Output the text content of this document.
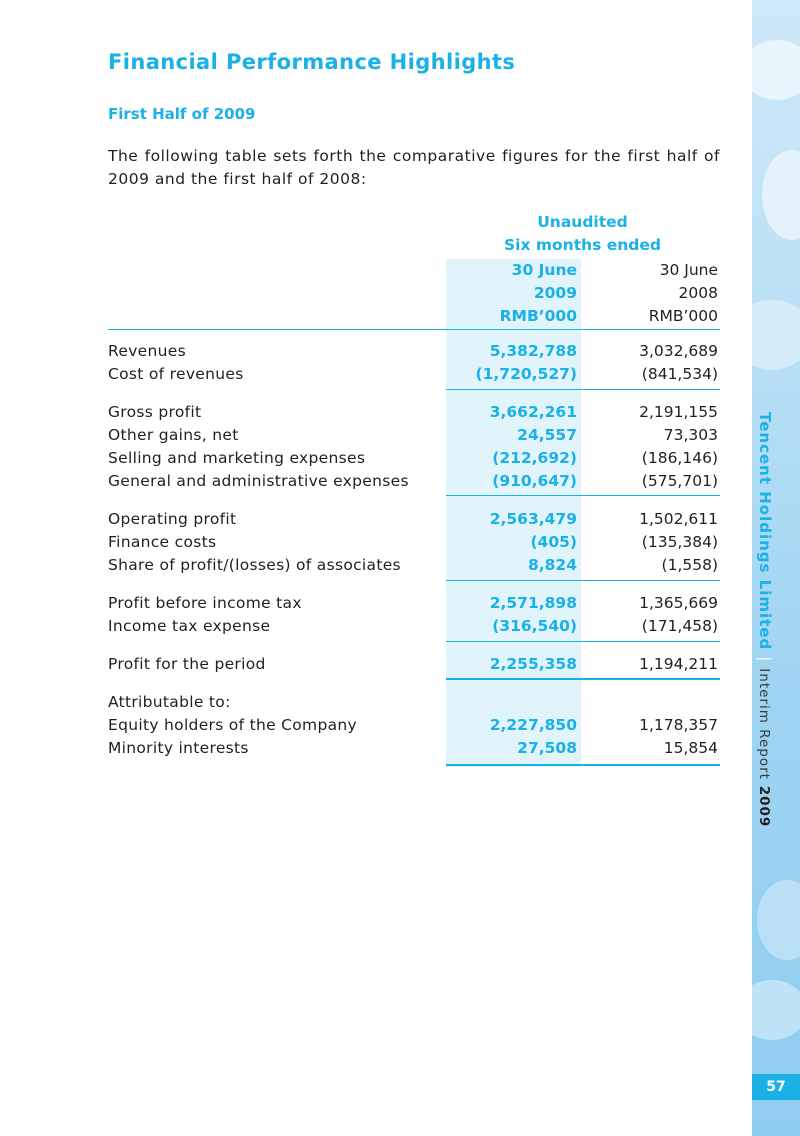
Tencent Holdings Limited|Interim Report 2009
57
Financial Performance Highlights
First Half of 2009

The following table sets forth the comparative figures for the first half of 2009 and the first half of 2008:

Unaudited
Six months ended
30 June
2009
RMB’000
30 June
2008
RMB’000
Revenues	5,382,788	3,032,689
Cost of revenues	(1,720,527)	(841,534)
Gross profit	3,662,261	2,191,155
Other gains, net	24,557	73,303
Selling and marketing expenses	(212,692)	(186,146)
General and administrative expenses	(910,647)	(575,701)
Operating profit	2,563,479	1,502,611
Finance costs	(405)	(135,384)
Share of profit/(losses) of associates	8,824	(1,558)
Profit before income tax	2,571,898	1,365,669
Income tax expense	(316,540)	(171,458)
Profit for the period	2,255,358	1,194,211
Attributable to:
Equity holders of the Company	2,227,850	1,178,357
Minority interests	27,508	15,854
